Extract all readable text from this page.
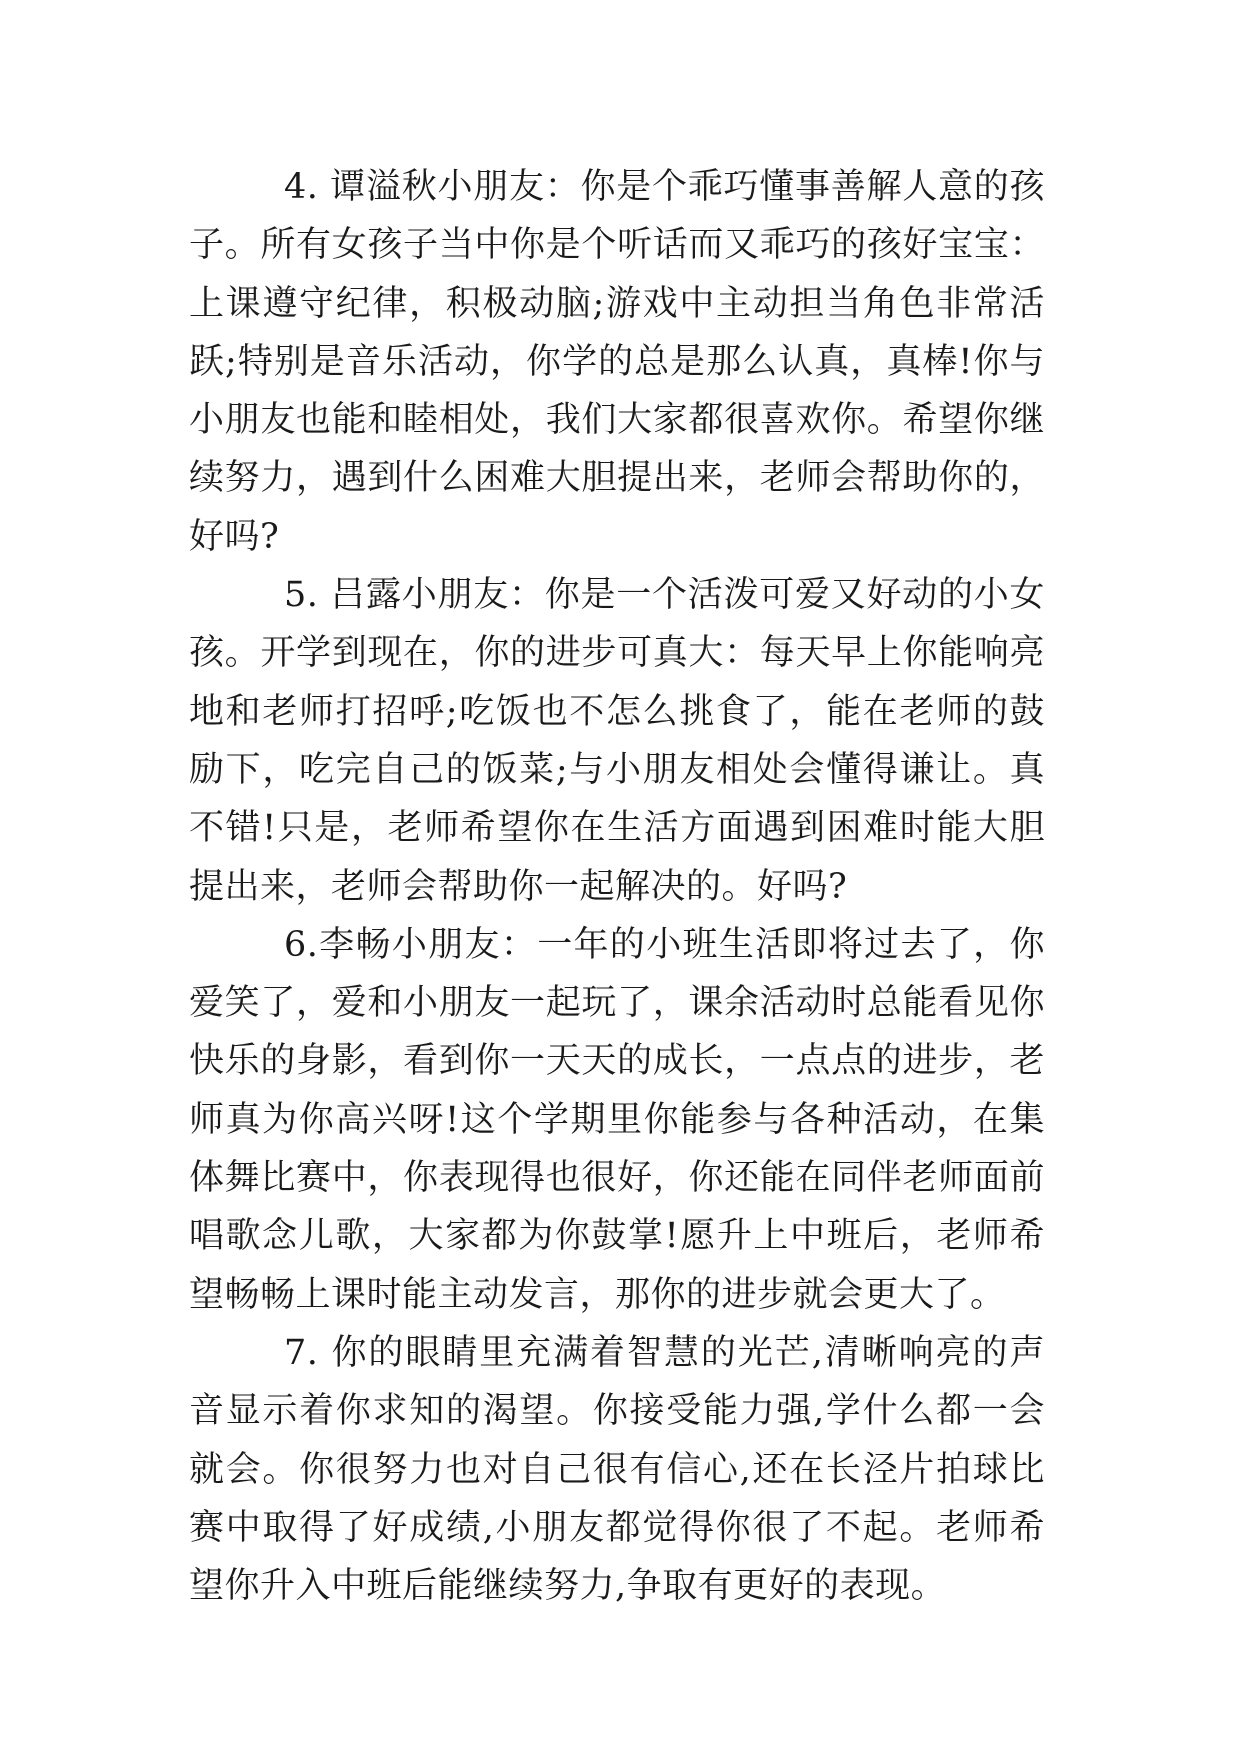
4. 谭溢秋小朋友：你是个乖巧懂事善解人意的孩子。所有女孩子当中你是个听话而又乖巧的孩好宝宝：上课遵守纪律，积极动脑;游戏中主动担当角色非常活跃;特别是音乐活动，你学的总是那么认真，真棒!你与小朋友也能和睦相处，我们大家都很喜欢你。希望你继续努力，遇到什么困难大胆提出来，老师会帮助你的，好吗?

5. 吕露小朋友：你是一个活泼可爱又好动的小女孩。开学到现在，你的进步可真大：每天早上你能响亮地和老师打招呼;吃饭也不怎么挑食了，能在老师的鼓励下，吃完自己的饭菜;与小朋友相处会懂得谦让。真不错!只是，老师希望你在生活方面遇到困难时能大胆提出来，老师会帮助你一起解决的。好吗?

6.李畅小朋友：一年的小班生活即将过去了，你爱笑了，爱和小朋友一起玩了，课余活动时总能看见你快乐的身影，看到你一天天的成长，一点点的进步，老师真为你高兴呀!这个学期里你能参与各种活动，在集体舞比赛中，你表现得也很好，你还能在同伴老师面前唱歌念儿歌，大家都为你鼓掌!愿升上中班后，老师希望畅畅上课时能主动发言，那你的进步就会更大了。

7. 你的眼睛里充满着智慧的光芒,清晰响亮的声音显示着你求知的渴望。你接受能力强,学什么都一会就会。你很努力也对自己很有信心,还在长泾片拍球比赛中取得了好成绩,小朋友都觉得你很了不起。老师希望你升入中班后能继续努力,争取有更好的表现。
